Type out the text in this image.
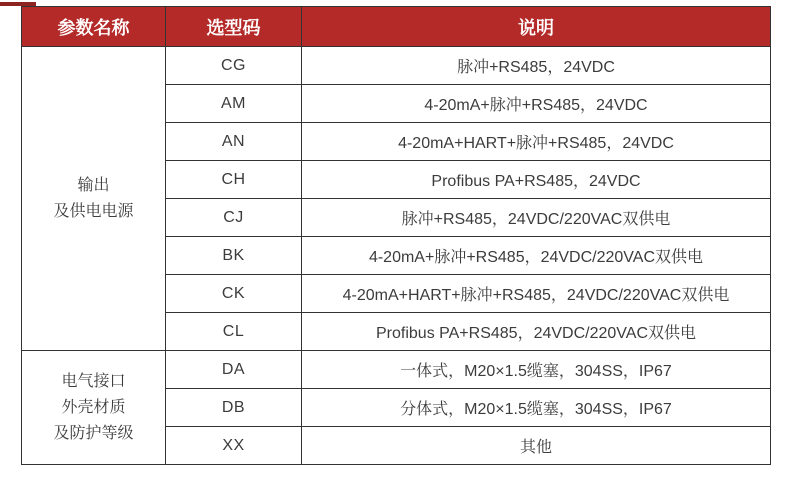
参数名称	选型码	说明

输出
及供电电源	CG	脉冲+RS485，24VDC
	AM	4-20mA+脉冲+RS485，24VDC
	AN	4-20mA+HART+脉冲+RS485，24VDC
	CH	Profibus PA+RS485，24VDC
	CJ	脉冲+RS485，24VDC/220VAC双供电
	BK	4-20mA+脉冲+RS485，24VDC/220VAC双供电
	CK	4-20mA+HART+脉冲+RS485，24VDC/220VAC双供电
	CL	Profibus PA+RS485，24VDC/220VAC双供电

电气接口
外壳材质
及防护等级	DA	一体式，M20×1.5缆塞，304SS，IP67
	DB	分体式，M20×1.5缆塞，304SS，IP67
	XX	其他
